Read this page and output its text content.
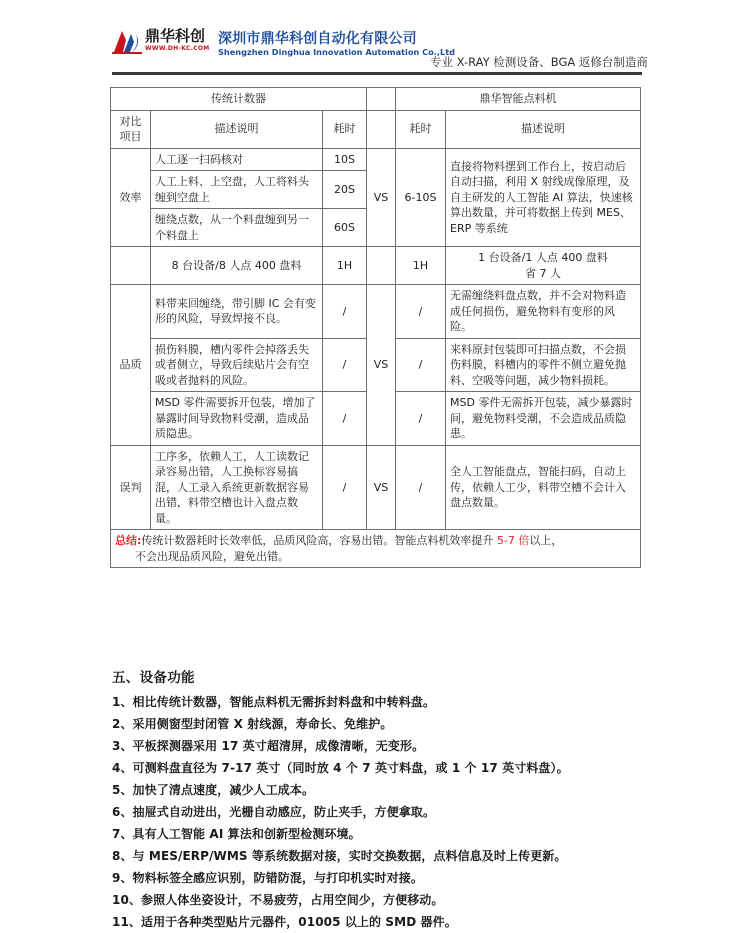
鼎华科创
WWW.DH-KC.COM
深圳市鼎华科创自动化有限公司
Shengzhen Dinghua Innovation Automation Co.,Ltd
专业 X-RAY 检测设备、BGA 返修台制造商
传统计数器				鼎华智能点料机	
对比项目	描述说明	耗时		耗时	描述说明
效率	人工逐一扫码核对	10S	VS	6-10S	直接将物料摆到工作台上，按启动后自动扫描，利用 X 射线成像原理，及自主研发的人工智能 AI 算法，快速核算出数量，并可将数据上传到 MES、ERP 等系统
	人工上料、上空盘，人工将料头缠到空盘上	20S			
	缠绕点数，从一个料盘缠到另一个料盘上	60S			
	8 台设备/8 人点 400 盘料	1H		1H	1 台设备/1 人点 400 盘料
省 7 人

品质	料带来回缠绕，带引脚 IC 会有变形的风险，导致焊接不良。	/	VS	/	无需缠绕料盘点数，并不会对物料造成任何损伤，避免物料有变形的风险。
	损伤料膜，槽内零件会掉落丢失或者侧立，导致后续贴片会有空吸或者抛料的风险。	/		/	来料原封包装即可扫描点数，不会损伤料膜，料槽内的零件不侧立避免抛料、空吸等问题，减少物料损耗。
	MSD 零件需要拆开包装，增加了暴露时间导致物料受潮，造成品质隐患。	/		/	MSD 零件无需拆开包装，减少暴露时间，避免物料受潮，不会造成品质隐患。
误判	工序多，依赖人工，人工读数记录容易出错，人工换标容易搞混，人工录入系统更新数据容易出错，料带空槽也计入盘点数量。	/	VS	/	全人工智能盘点，智能扫码，自动上传，依赖人工少，料带空槽不会计入盘点数量。
总结:传统计数器耗时长效率低，品质风险高，容易出错。智能点料机效率提升 5-7 倍以上，
不会出现品质风险，避免出错。					
五、设备功能
1、相比传统计数器，智能点料机无需拆封料盘和中转料盘。
2、采用侧窗型封闭管 X 射线源，寿命长、免维护。
3、平板探测器采用 17 英寸超清屏，成像清晰，无变形。
4、可测料盘直径为 7-17 英寸（同时放 4 个 7 英寸料盘，或 1 个 17 英寸料盘）。
5、加快了清点速度，减少人工成本。
6、抽屉式自动进出，光栅自动感应，防止夹手，方便拿取。
7、具有人工智能 AI 算法和创新型检测环境。
8、与 MES/ERP/WMS 等系统数据对接，实时交换数据，点料信息及时上传更新。
9、物料标签全感应识别，防错防混，与打印机实时对接。
10、参照人体坐姿设计，不易疲劳，占用空间少，方便移动。
11、适用于各种类型贴片元器件，01005 以上的 SMD 器件。
